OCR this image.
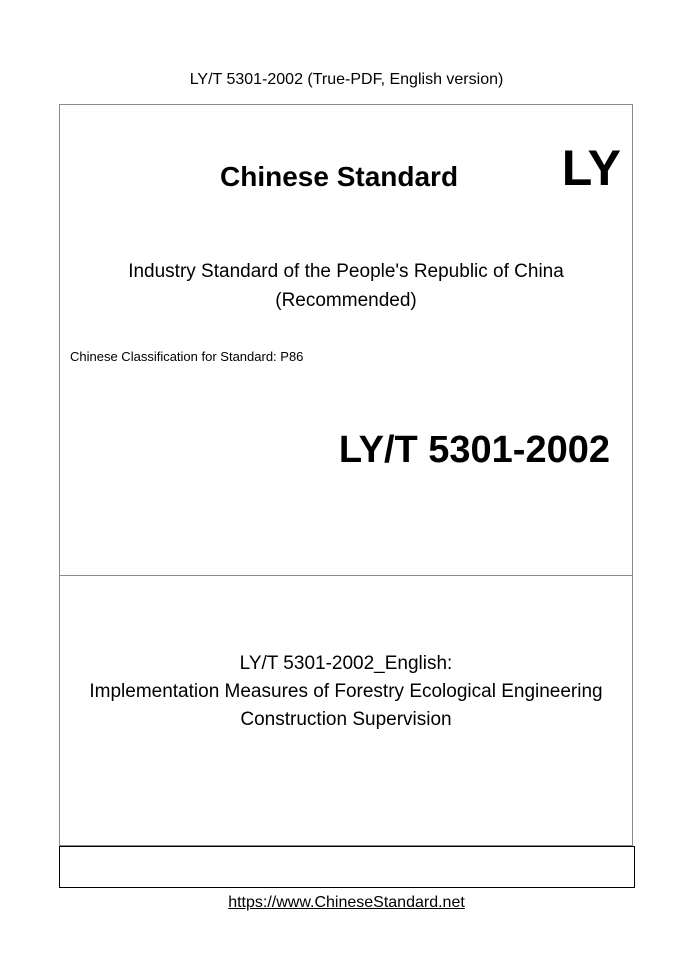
LY/T 5301-2002 (True-PDF, English version)
Chinese Standard LY
Industry Standard of the People's Republic of China
(Recommended)
Chinese Classification for Standard: P86
LY/T 5301-2002
LY/T 5301-2002_English:
Implementation Measures of Forestry Ecological Engineering
Construction Supervision
https://www.ChineseStandard.net
